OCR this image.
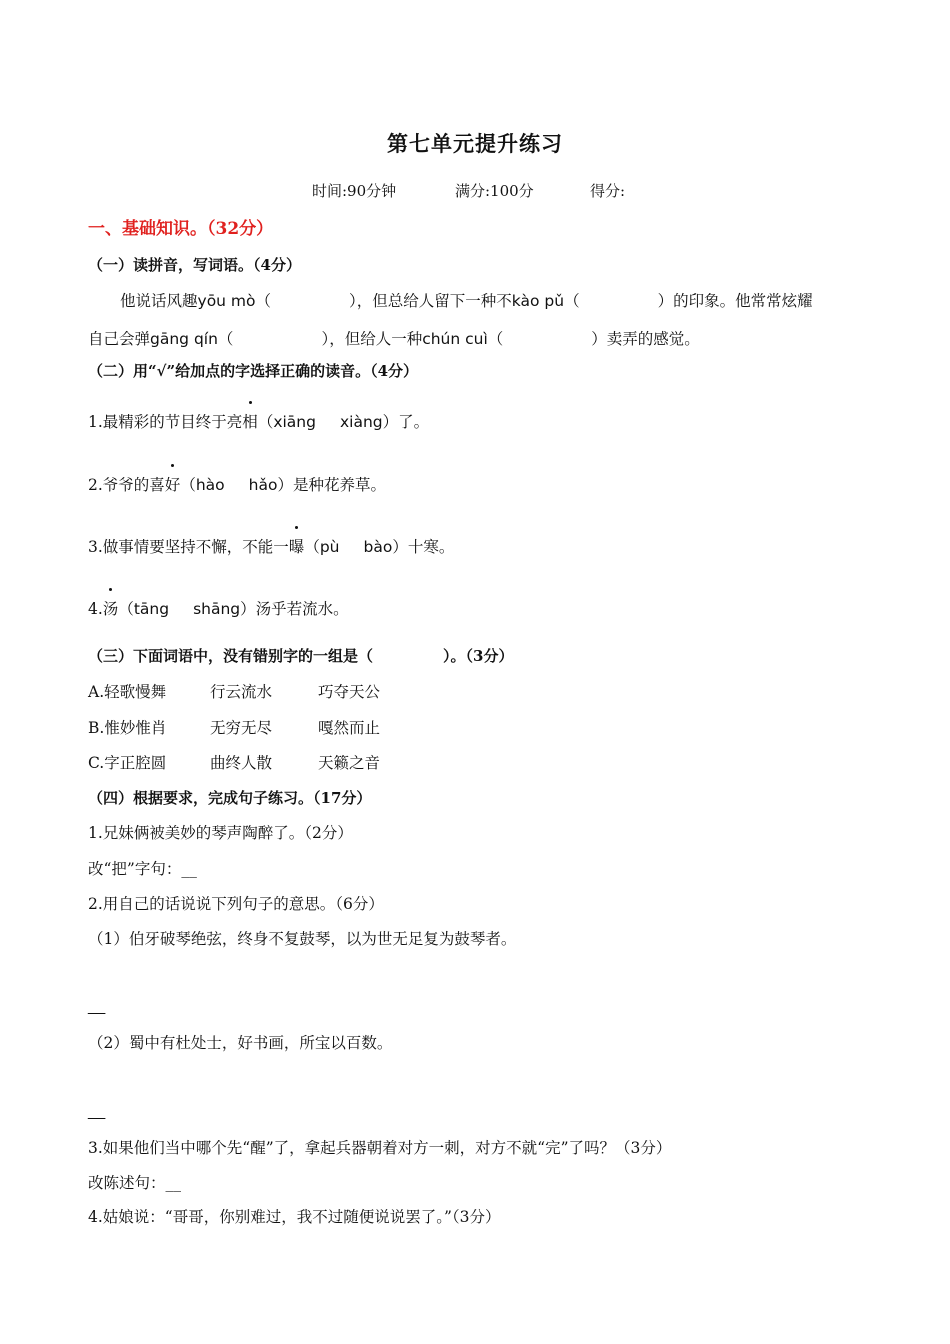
第七单元提升练习
时间:90分钟	满分:100分	得分:
一、基础知识。（32分）
（一）读拼音，写词语。（4分）
他说话风趣yōu mò（	），但总给人留下一种不kào pǔ（	）的印象。他常常炫耀
自己会弹gāng qín（	），但给人一种chún cuì（	）卖弄的感觉。
（二）用“√”给加点的字选择正确的读音。（4分）
1.最精彩的节目终于亮相
（xiāng xiàng）了。
2.爷爷的喜好
（hào hǎo）是种花养草。
3.做事情要坚持不懈，不能一曝
（pù bào）十寒。
4.汤
（tāng shāng）汤乎若流水。
（三）下面词语中，没有错别字的一组是（	）。（3分）
A.轻歌慢舞	行云流水	巧夺天公
B.惟妙惟肖	无穷无尽	嘎然而止
C.字正腔圆	曲终人散	天籁之音
（四）根据要求，完成句子练习。（17分）
1.兄妹俩被美妙的琴声陶醉了。（2分）
改“把”字句：__
2.用自己的话说说下列句子的意思。（6分）
（1）伯牙破琴绝弦，终身不复鼓琴，以为世无足复为鼓琴者。
__
（2）蜀中有杜处士，好书画，所宝以百数。
__
3.如果他们当中哪个先“醒”了，拿起兵器朝着对方一刺，对方不就“完”了吗？（3分）
改陈述句：__
4.姑娘说：“哥哥，你别难过，我不过随便说说罢了。”（3分）
